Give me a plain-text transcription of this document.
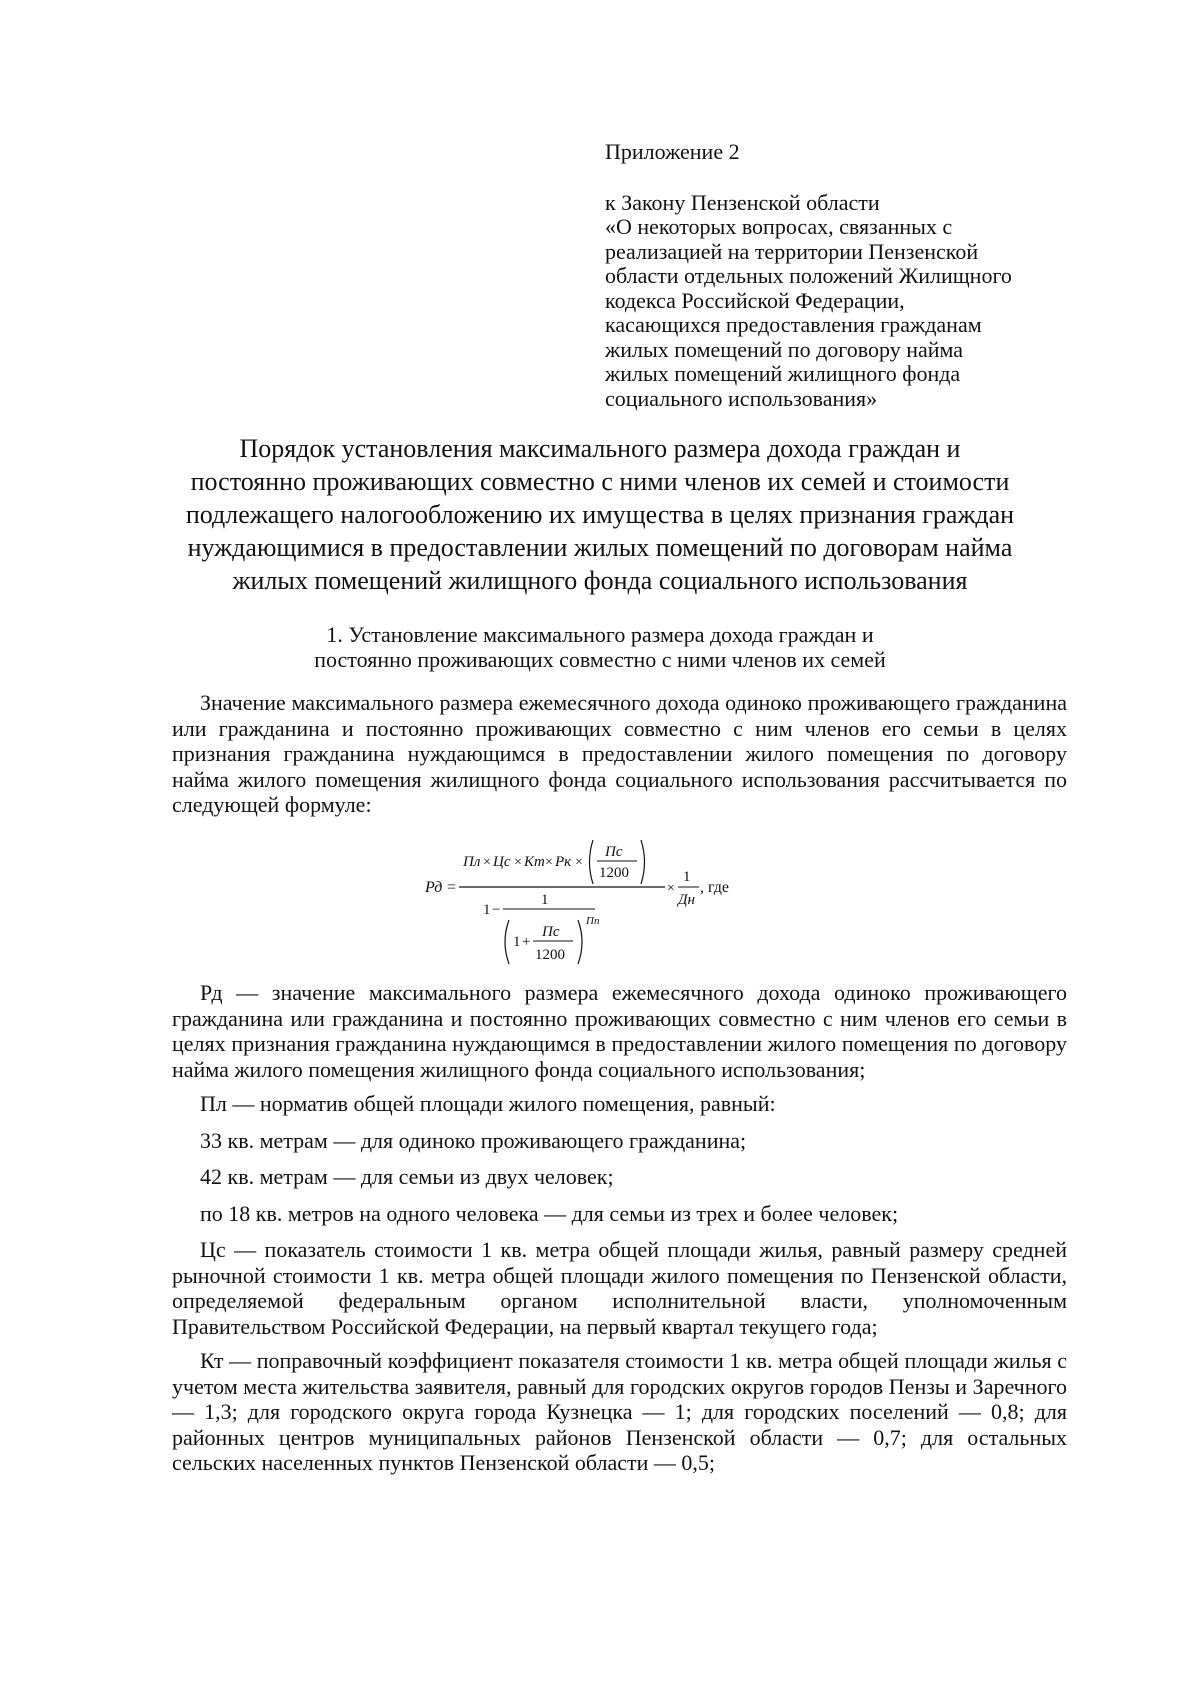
Приложение 2
к Закону Пензенской области
«О некоторых вопросах, связанных с
реализацией на территории Пензенской
области отдельных положений Жилищного
кодекса Российской Федерации,
касающихся предоставления гражданам
жилых помещений по договору найма
жилых помещений жилищного фонда
социального использования»
Порядок установления максимального размера дохода граждан и
постоянно проживающих совместно с ними членов их семей и стоимости
подлежащего налогообложению их имущества в целях признания граждан
нуждающимися в предоставлении жилых помещений по договорам найма
жилых помещений жилищного фонда социального использования
1. Установление максимального размера дохода граждан и
постоянно проживающих совместно с ними членов их семей

Значение максимального размера ежемесячного дохода одиноко проживающего гражданина или гражданина и постоянно проживающих совместно с ним членов его семьи в целях признания гражданина нуждающимся в предоставлении жилого помещения по договору найма жилого помещения жилищного фонда социального использования рассчитывается по следующей формуле:

Рд =
Пл × Цс × Кт × Рк ×
Пс
1200
1 −
1
1 +
Пс
1200
Пп
×
1
Дн
, где

Рд — значение максимального размера ежемесячного дохода одиноко проживающего гражданина или гражданина и постоянно проживающих совместно с ним членов его семьи в целях признания гражданина нуждающимся в предоставлении жилого помещения по договору найма жилого помещения жилищного фонда социального использования;

Пл — норматив общей площади жилого помещения, равный:

33 кв. метрам — для одиноко проживающего гражданина;

42 кв. метрам — для семьи из двух человек;

по 18 кв. метров на одного человека — для семьи из трех и более человек;

Цс — показатель стоимости 1 кв. метра общей площади жилья, равный размеру средней рыночной стоимости 1 кв. метра общей площади жилого помещения по Пензенской области, определяемой федеральным органом исполнительной власти, уполномоченным Правительством Российской Федерации, на первый квартал текущего года;

Кт — поправочный коэффициент показателя стоимости 1 кв. метра общей площади жилья с учетом места жительства заявителя, равный для городских округов городов Пензы и Заречного — 1,3; для городского округа города Кузнецка — 1; для городских поселений — 0,8; для районных центров муниципальных районов Пензенской области — 0,7; для остальных сельских населенных пунктов Пензенской области — 0,5;
